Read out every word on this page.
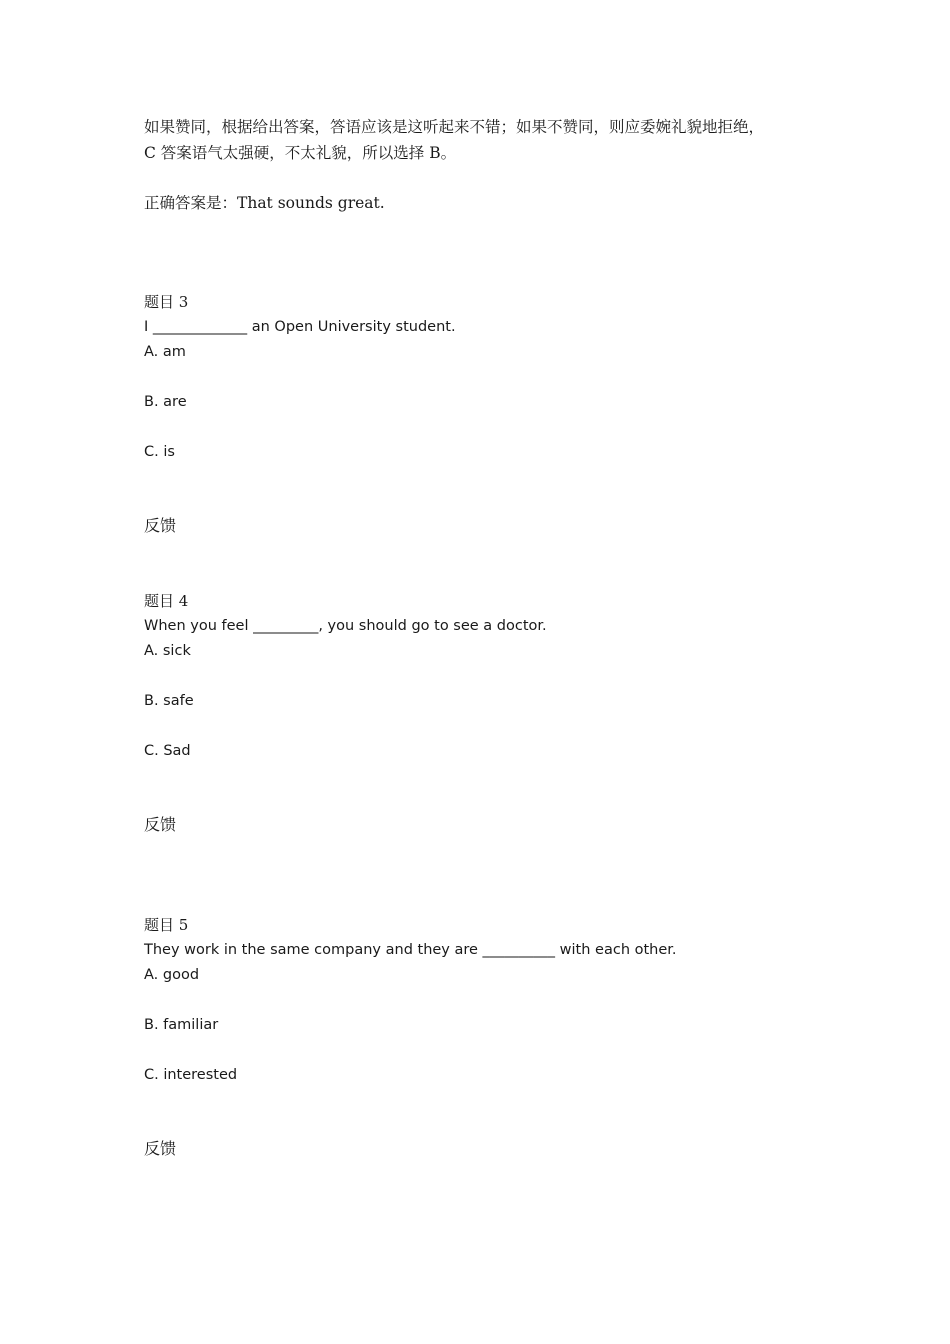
如果赞同，根据给出答案，答语应该是这听起来不错；如果不赞同，则应委婉礼貌地拒绝，
C 答案语气太强硬，不太礼貌，所以选择 B。
正确答案是：That sounds great.
题目 3
I _____________ an Open University student.
A. am
B. are
C. is
反馈
题目 4
When you feel _________, you should go to see a doctor.
A. sick
B. safe
C. Sad
反馈
题目 5
They work in the same company and they are __________ with each other.
A. good
B. familiar
C. interested
反馈
